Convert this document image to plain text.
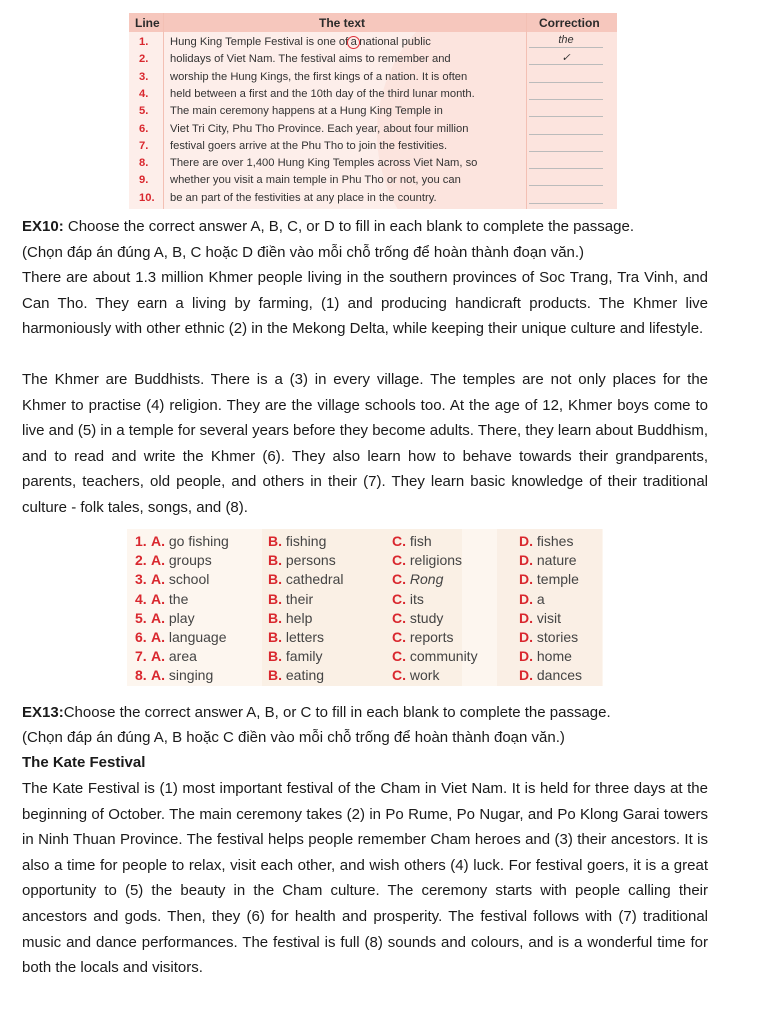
Line	The text	Correction
1. Hung King Temple Festival is one of a national public	the
2. holidays of Viet Nam. The festival aims to remember and	✓
3. worship the Hung Kings, the first kings of a nation. It is often
4. held between a first and the 10th day of the third lunar month.
5. The main ceremony happens at a Hung King Temple in
6. Viet Tri City, Phu Tho Province. Each year, about four million
7. festival goers arrive at the Phu Tho to join the festivities.
8. There are over 1,400 Hung King Temples across Viet Nam, so
9. whether you visit a main temple in Phu Tho or not, you can
10. be an part of the festivities at any place in the country.
EX10: Choose the correct answer A, B, C, or D to fill in each blank to complete the passage.
(Chọn đáp án đúng A, B, C hoặc D điền vào mỗi chỗ trống để hoàn thành đoạn văn.)
There are about 1.3 million Khmer people living in the southern provinces of Soc Trang, Tra Vinh, and Can Tho. They earn a living by farming, (1) and producing handicraft products. The Khmer live harmoniously with other ethnic (2) in the Mekong Delta, while keeping their unique culture and lifestyle.
The Khmer are Buddhists. There is a (3) in every village. The temples are not only places for the Khmer to practise (4) religion. They are the village schools too. At the age of 12, Khmer boys come to live and (5) in a temple for several years before they become adults. There, they learn about Buddhism, and to read and write the Khmer (6). They also learn how to behave towards their grandparents, parents, teachers, old people, and others in their (7). They learn basic knowledge of their traditional culture - folk tales, songs, and (8).
1. A. go fishing	B. fishing	C. fish	D. fishes
2. A. groups	B. persons	C. religions	D. nature
3. A. school	B. cathedral	C. Rong	D. temple
4. A. the	B. their	C. its	D. a
5. A. play	B. help	C. study	D. visit
6. A. language	B. letters	C. reports	D. stories
7. A. area	B. family	C. community	D. home
8. A. singing	B. eating	C. work	D. dances
EX13:Choose the correct answer A, B, or C to fill in each blank to complete the passage.
(Chọn đáp án đúng A, B hoặc C điền vào mỗi chỗ trống để hoàn thành đoạn văn.)
The Kate Festival
The Kate Festival is (1) most important festival of the Cham in Viet Nam. It is held for three days at the beginning of October. The main ceremony takes (2) in Po Rume, Po Nugar, and Po Klong Garai towers in Ninh Thuan Province. The festival helps people remember Cham heroes and (3) their ancestors. It is also a time for people to relax, visit each other, and wish others (4) luck. For festival goers, it is a great opportunity to (5) the beauty in the Cham culture. The ceremony starts with people calling their ancestors and gods. Then, they (6) for health and prosperity. The festival follows with (7) traditional music and dance performances. The festival is full (8) sounds and colours, and is a wonderful time for both the locals and visitors.
